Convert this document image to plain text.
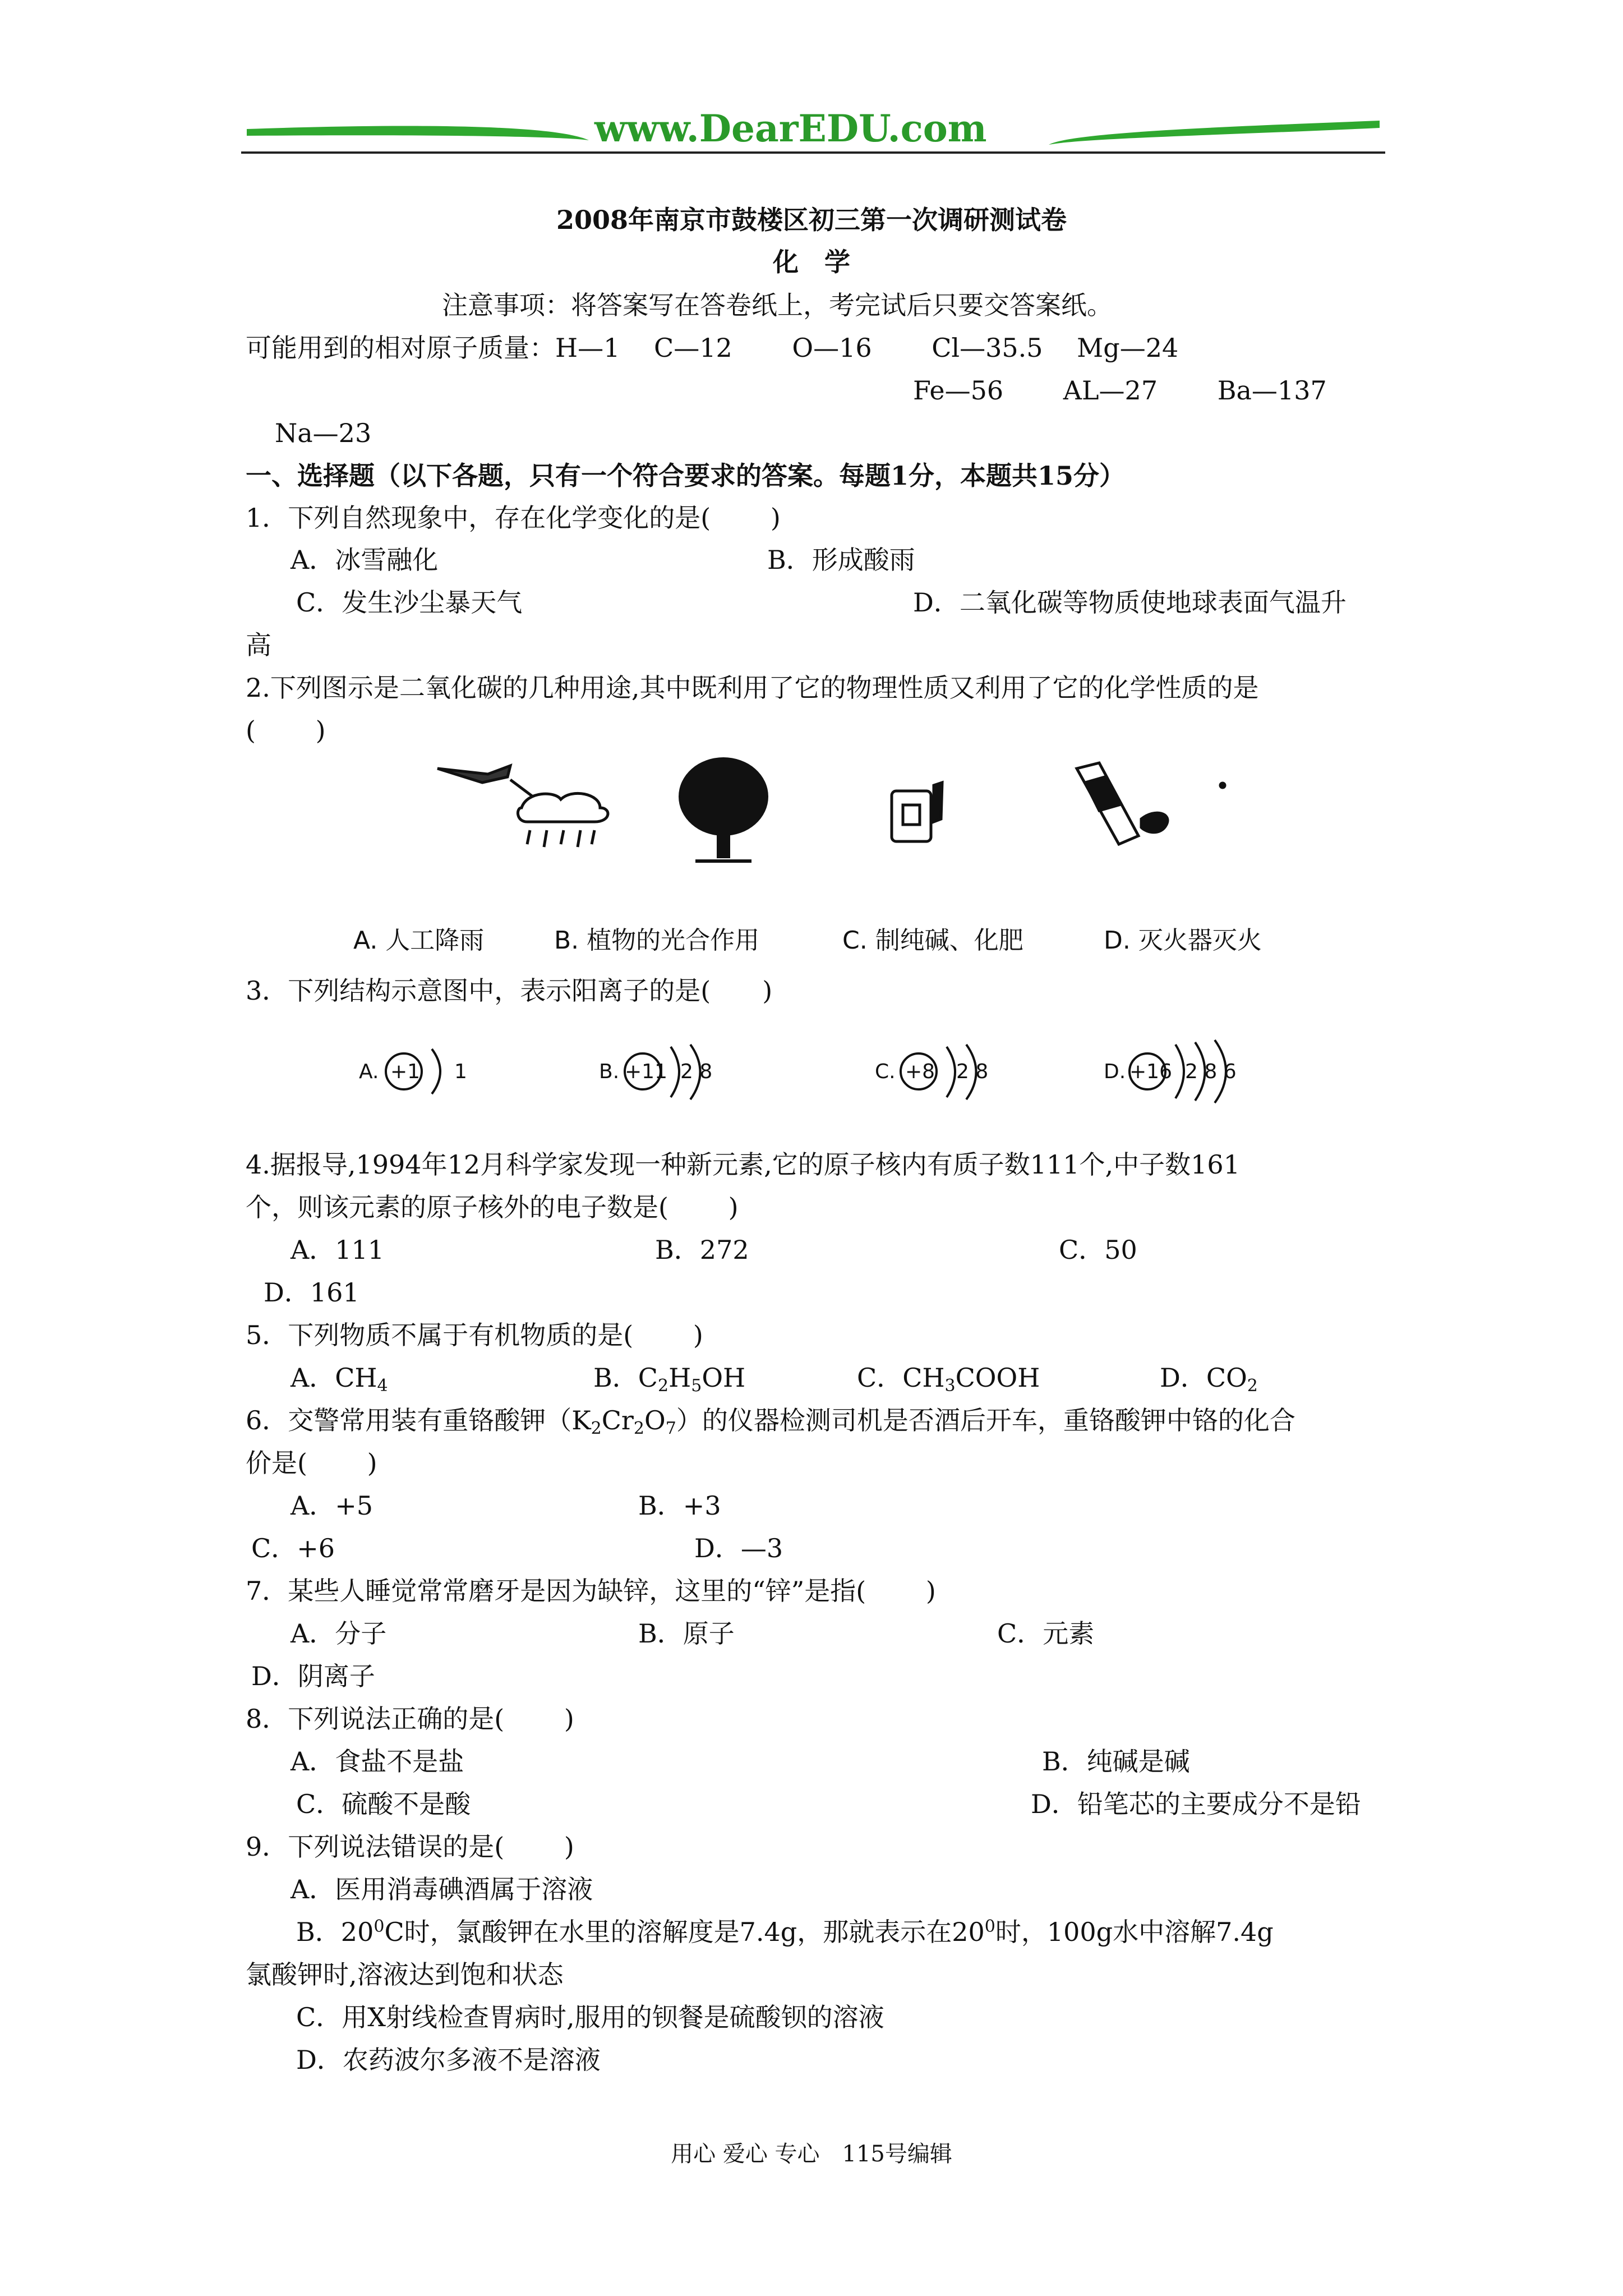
www.DearEDU.com
2008年南京市鼓楼区初三第一次调研测试卷
化　学
注意事项：将答案写在答卷纸上，考完试后只要交答案纸。
可能用到的相对原子质量：H—1　 C—12　　 O—16　　 Cl—35.5　 Mg—24
Fe—56　　 AL—27　　 Ba—137
Na—23
一、选择题（以下各题，只有一个符合要求的答案。每题1分，本题共15分）
1．下列自然现象中，存在化学变化的是(　　 )
A．冰雪融化	B．形成酸雨
C．发生沙尘暴天气	D．二氧化碳等物质使地球表面气温升
高
2.下列图示是二氧化碳的几种用途,其中既利用了它的物理性质又利用了它的化学性质的是
(　　 )
A. 人工降雨	B. 植物的光合作用	C. 制纯碱、化肥	D. 灭火器灭火
3．下列结构示意图中，表示阳离子的是(　　)
A. +1 1	B. +11 2 8	C. +8 2 8	D. +16 2 8 6
4.据报导,1994年12月科学家发现一种新元素,它的原子核内有质子数111个,中子数161
个，则该元素的原子核外的电子数是(　　 )
A．111	B．272	C．50
D．161
5．下列物质不属于有机物质的是(　　 )
A．$CH_4$	B．$C_2H_5OH$	C．$CH_3COOH$	D．$CO_2$
6．交警常用装有重铬酸钾$(K_2Cr_2O_7)$的仪器检测司机是否酒后开车，重铬酸钾中铬的化合
价是(　　 )
A．+5	B．+3
C．+6	D．—3
7．某些人睡觉常常磨牙是因为缺锌，这里的“锌”是指(　　 )
A．分子	B．原子	C．元素
D．阴离子
8．下列说法正确的是(　　 )
A．食盐不是盐	B．纯碱是碱
C．硫酸不是酸	D．铅笔芯的主要成分不是铅
9．下列说法错误的是(　　 )
A．医用消毒碘酒属于溶液
B．$20^0C$时，氯酸钾在水里的溶解度是7.4g，那就表示在$20^0$时，100g水中溶解7.4g
氯酸钾时,溶液达到饱和状态
C．用X射线检查胃病时,服用的钡餐是硫酸钡的溶液
D．农药波尔多液不是溶液
用心 爱心 专心　115号编辑
